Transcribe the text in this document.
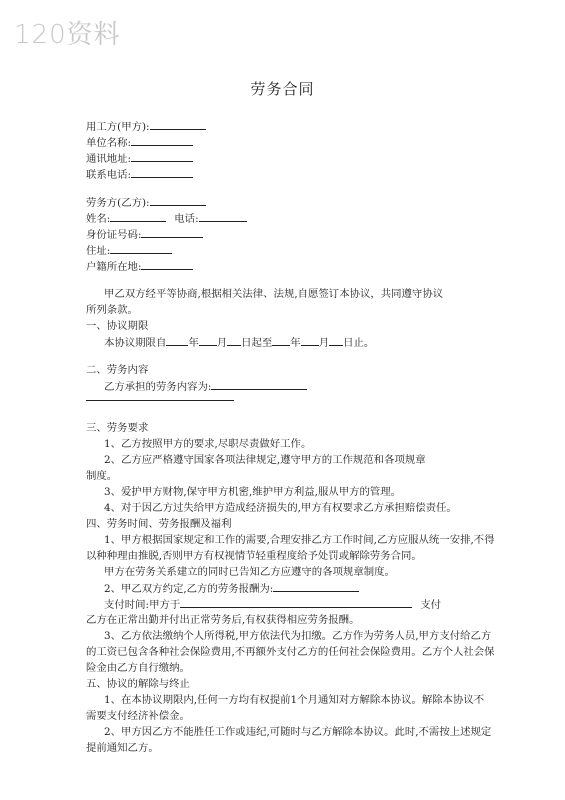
120资料
劳务合同
用工方(甲方):
单位名称:
通讯地址:
联系电话:
劳务方(乙方):
姓名:	电话:
身份证号码:
住址:
户籍所在地:
甲乙双方经平等协商,根据相关法律、法规,自愿签订本协议，共同遵守协议
所列条款。
一、协议期限
本协议期限自 年 月 日起至 年 月 日止。
二、劳务内容
乙方承担的劳务内容为:
三、劳务要求
1、乙方按照甲方的要求,尽职尽责做好工作。
2、乙方应严格遵守国家各项法律规定,遵守甲方的工作规范和各项规章
制度。
3、爱护甲方财物,保守甲方机密,维护甲方利益,服从甲方的管理。
4、对于因乙方过失给甲方造成经济损失的,甲方有权要求乙方承担赔偿责任。
四、劳务时间、劳务报酬及福利
1、甲方根据国家规定和工作的需要,合理安排乙方工作时间,乙方应服从统一安排,不得
以种种理由推脱,否则甲方有权视情节轻重程度给予处罚或解除劳务合同。
甲方在劳务关系建立的同时已告知乙方应遵守的各项规章制度。
2、甲乙双方约定,乙方的劳务报酬为:
支付时间:甲方于	支付
乙方在正常出勤并付出正常劳务后,有权获得相应劳务报酬。
3、乙方依法缴纳个人所得税,甲方依法代为扣缴。乙方作为劳务人员,甲方支付给乙方
的工资已包含各种社会保险费用,不再额外支付乙方的任何社会保险费用。乙方个人社会保
险金由乙方自行缴纳。
五、协议的解除与终止
1、在本协议期限内,任何一方均有权提前1个月通知对方解除本协议。解除本协议不
需要支付经济补偿金。
2、甲方因乙方不能胜任工作或违纪,可随时与乙方解除本协议。此时,不需按上述规定
提前通知乙方。
